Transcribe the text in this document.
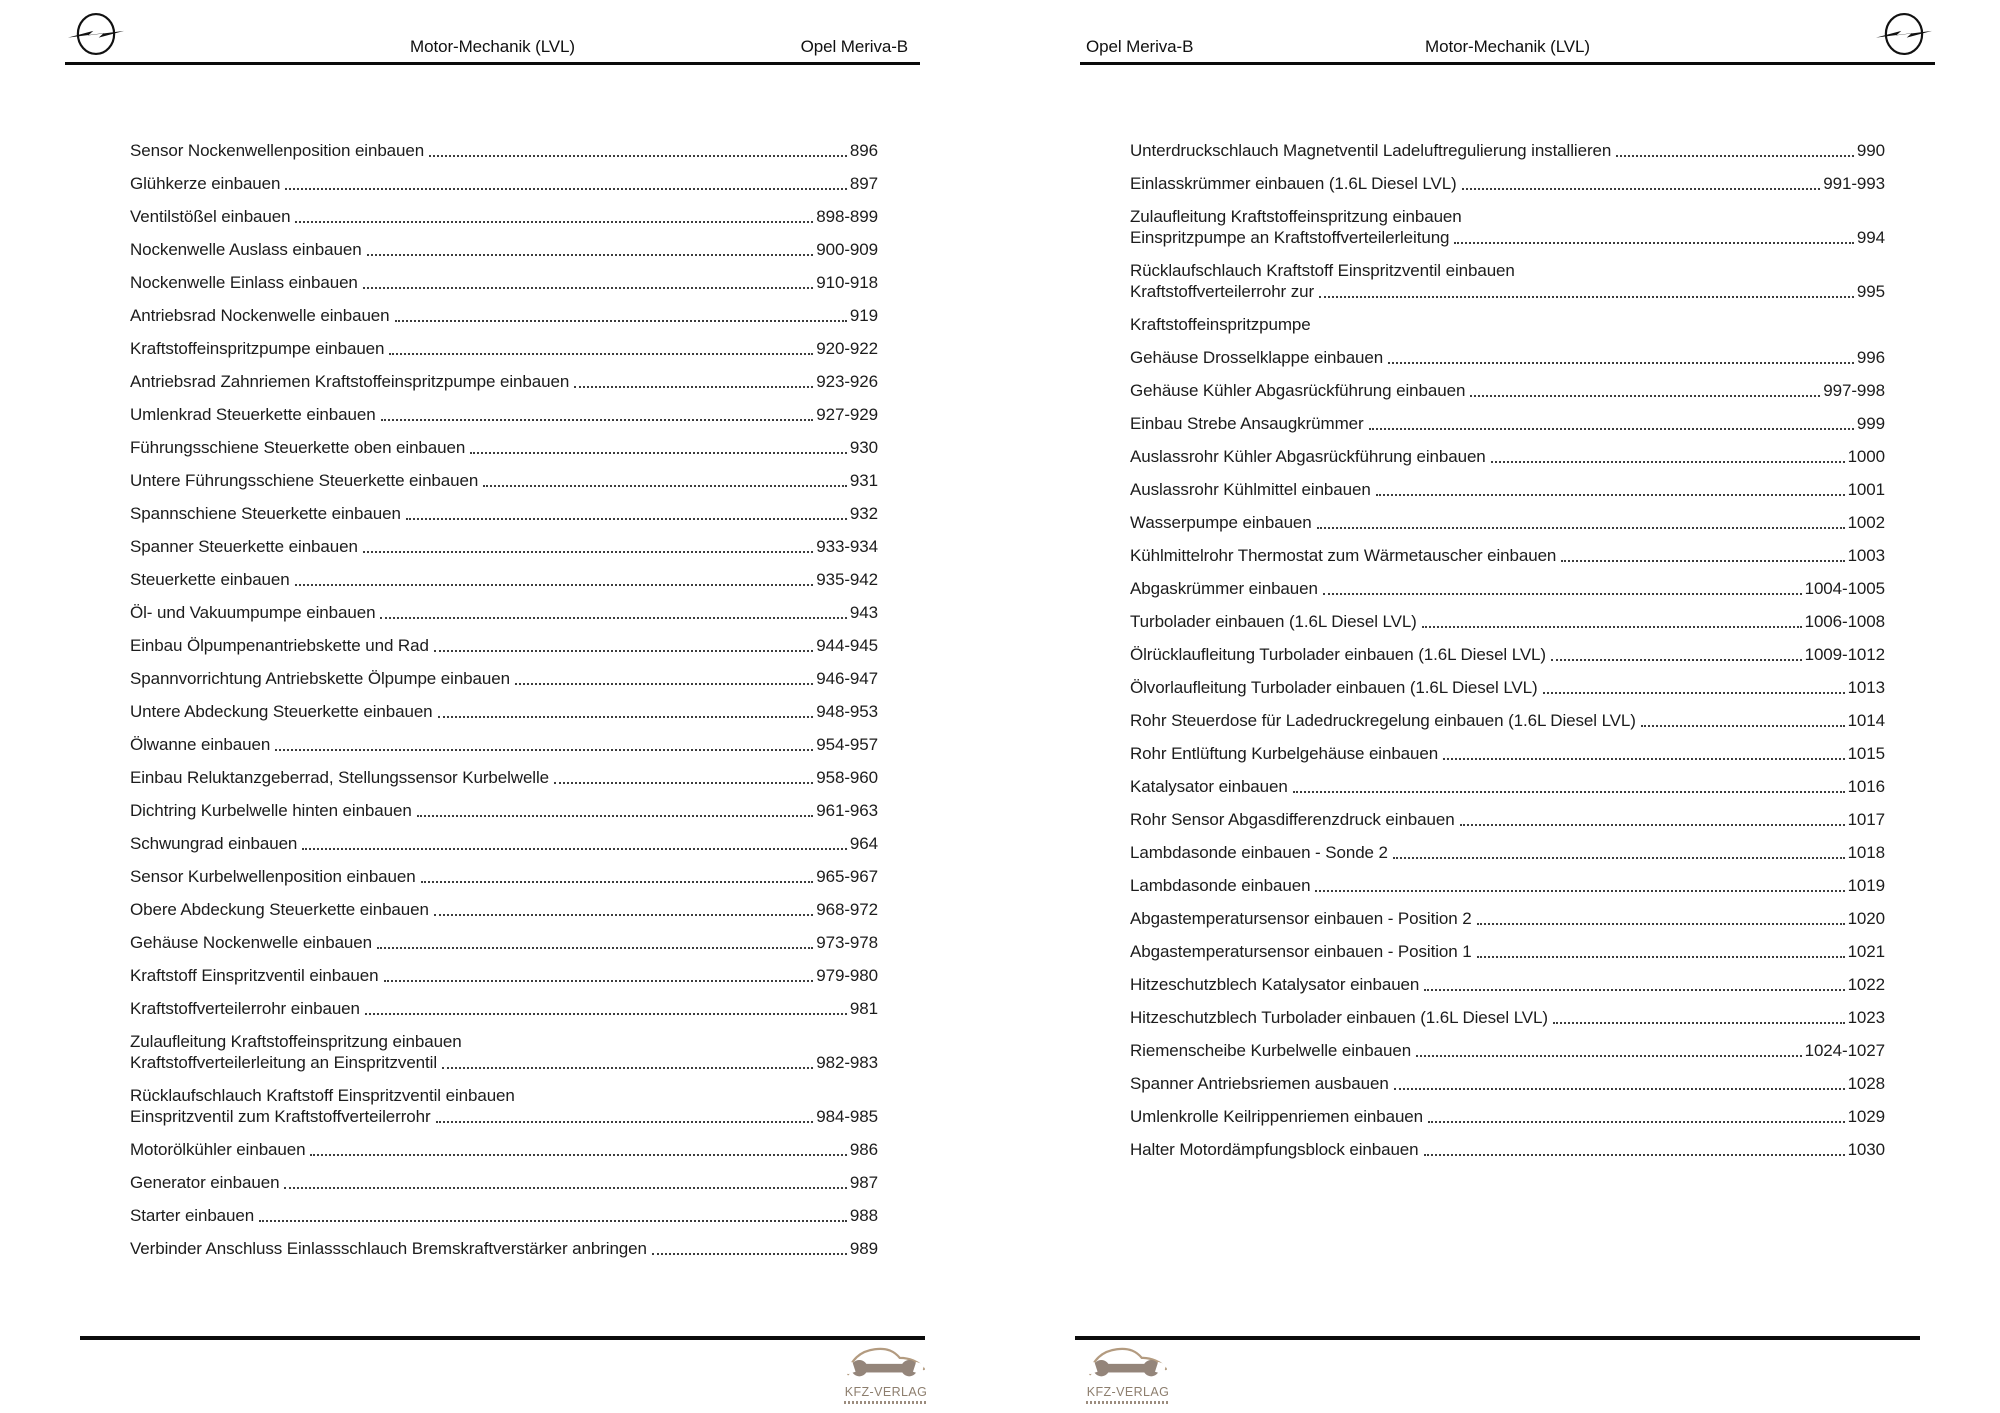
Motor-Mechanik (LVL)	Opel Meriva-B
Sensor Nockenwellenposition einbauen	896
Glühkerze einbauen	897
Ventilstößel einbauen	898-899
Nockenwelle Auslass einbauen	900-909
Nockenwelle Einlass einbauen	910-918
Antriebsrad Nockenwelle einbauen	919
Kraftstoffeinspritzpumpe einbauen	920-922
Antriebsrad Zahnriemen Kraftstoffeinspritzpumpe einbauen	923-926
Umlenkrad Steuerkette einbauen	927-929
Führungsschiene Steuerkette oben einbauen	930
Untere Führungsschiene Steuerkette einbauen	931
Spannschiene Steuerkette einbauen	932
Spanner Steuerkette einbauen	933-934
Steuerkette einbauen	935-942
Öl- und Vakuumpumpe einbauen	943
Einbau Ölpumpenantriebskette und Rad	944-945
Spannvorrichtung Antriebskette Ölpumpe einbauen	946-947
Untere Abdeckung Steuerkette einbauen	948-953
Ölwanne einbauen	954-957
Einbau Reluktanzgeberrad, Stellungssensor Kurbelwelle	958-960
Dichtring Kurbelwelle hinten einbauen	961-963
Schwungrad einbauen	964
Sensor Kurbelwellenposition einbauen	965-967
Obere Abdeckung Steuerkette einbauen	968-972
Gehäuse Nockenwelle einbauen	973-978
Kraftstoff Einspritzventil einbauen	979-980
Kraftstoffverteilerrohr einbauen	981
Zulaufleitung Kraftstoffeinspritzung einbauen
Kraftstoffverteilerleitung an Einspritzventil	982-983
Rücklaufschlauch Kraftstoff Einspritzventil einbauen
Einspritzventil zum Kraftstoffverteilerrohr	984-985
Motorölkühler einbauen	986
Generator einbauen	987
Starter einbauen	988
Verbinder Anschluss Einlassschlauch Bremskraftverstärker anbringen	989
KFZ-VERLAG
Opel Meriva-B	Motor-Mechanik (LVL)
Unterdruckschlauch Magnetventil Ladeluftregulierung installieren	990
Einlasskrümmer einbauen (1.6L Diesel LVL)	991-993
Zulaufleitung Kraftstoffeinspritzung einbauen
Einspritzpumpe an Kraftstoffverteilerleitung	994
Rücklaufschlauch Kraftstoff Einspritzventil einbauen
Kraftstoffverteilerrohr zur	995
Kraftstoffeinspritzpumpe
Gehäuse Drosselklappe einbauen	996
Gehäuse Kühler Abgasrückführung einbauen	997-998
Einbau Strebe Ansaugkrümmer	999
Auslassrohr Kühler Abgasrückführung einbauen	1000
Auslassrohr Kühlmittel einbauen	1001
Wasserpumpe einbauen	1002
Kühlmittelrohr Thermostat zum Wärmetauscher einbauen	1003
Abgaskrümmer einbauen	1004-1005
Turbolader einbauen (1.6L Diesel LVL)	1006-1008
Ölrücklaufleitung Turbolader einbauen (1.6L Diesel LVL)	1009-1012
Ölvorlaufleitung Turbolader einbauen (1.6L Diesel LVL)	1013
Rohr Steuerdose für Ladedruckregelung einbauen (1.6L Diesel LVL)	1014
Rohr Entlüftung Kurbelgehäuse einbauen	1015
Katalysator einbauen	1016
Rohr Sensor Abgasdifferenzdruck einbauen	1017
Lambdasonde einbauen - Sonde 2	1018
Lambdasonde einbauen	1019
Abgastemperatursensor einbauen - Position 2	1020
Abgastemperatursensor einbauen - Position 1	1021
Hitzeschutzblech Katalysator einbauen	1022
Hitzeschutzblech Turbolader einbauen (1.6L Diesel LVL)	1023
Riemenscheibe Kurbelwelle einbauen	1024-1027
Spanner Antriebsriemen ausbauen	1028
Umlenkrolle Keilrippenriemen einbauen	1029
Halter Motordämpfungsblock einbauen	1030
KFZ-VERLAG
